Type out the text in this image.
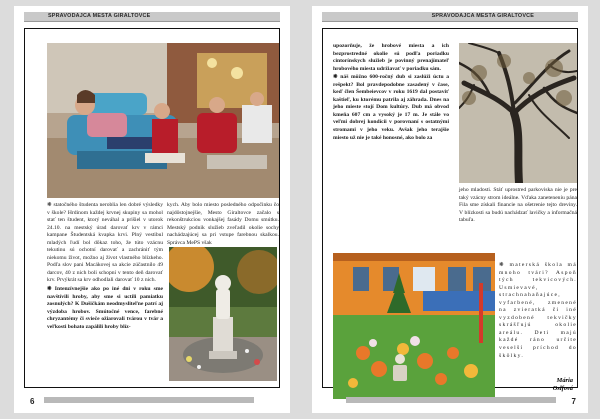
SPRAVODAJCA MESTA GIRALTOVCE

❋ statočného študenta neroblia len dobré výsledky v škole? Hrdinom každej krvnej skupiny sa mohol stať ten študent, ktorý neváhal a prišiel v utorok 24.10. na mestský úrad darovať krv v rámci kampane Študentská kvapka krvi. Plný vestibul mladých ľudí bol dôkaz toho, že túto vzácnu tekutinu sú ochotní darovať a zachrániť tým niekomu život, možno aj život vlastného blízkeho. Podľa slov pani Macákovej sa akcie zúčastnilo 49 darcov, 40 z nich boli schopní v tento deň darovať krv. Prvýkrát sa krv odhodlali darovať 10 z nich.

❋ Intenzívnejšie ako po iné dni v roku sme navštívili hroby, aby sme si uctili pamiatku zosnulých? K Dušičkám neodmysliteľne patrí aj výzdoba hrobov. Smútočné vence, farebné chryzantémy či svieče ožiarovali tvárou v tvár a veľkosti bohato zapálili hroby blíz-

kych. Aby bolo miesto posledného odpočinku čo najdôstojnejšie, Mesto Giraltovce začalo s rekonštrukciou vonkajšej fasády Domu smútku. Mestský podnik služieb zveľadil okolie sochy nachádzajúcej sa pri vstupe farebnou skalkou. Správca MePS však

6
SPRAVODAJCA MESTA GIRALTOVCE

upozorňuje, že hrobové miesta a ich bezprostredné okolie sú podľa poriadku cintorínskych služieb je povinný prenajímateľ hrobového miesta udržiavať v poriadku sám.

❋ náš môžno 600-ročný dub si zaslúži úctu a rešpekt? Bol pravdepodobne zasadený v čase, keď člen Šembeievcov v roku 1619 dal postaviť kaštieľ, ku ktorému patrila aj záhrada. Dnes na jeho mieste stojí Dom kultúry. Dub má obvod kmeňa 607 cm a vysoký je 17 m. Je stále vo veľmi dobrej kondícii v porovnaní s ostatnými stromami v jeho veku. Avšak jeho terajšie miesto už nie je také honosné, ako bolo za

jeho mladosti. Stáť uprostred parkoviska nie je pre taký vzácny strom ideálne. Vďaka zaneteneniu pána Fila sme získali financie na ošetrenie tejto dreviny. V blízkosti sa budú nachádzať lavičky a informačná tabuľa.

❋ materská škola má mnoho tvári? Aspoň tých tekvicových. Usmievavé, strachnahaňajúce, vyfarbené, zmenené na zvieratká či iné vyzdobené tekvičky skrášľujú okolie areálu. Deti majú každé ráno určite veselší príchod do škôlky.

Mária
Oslfová
7
